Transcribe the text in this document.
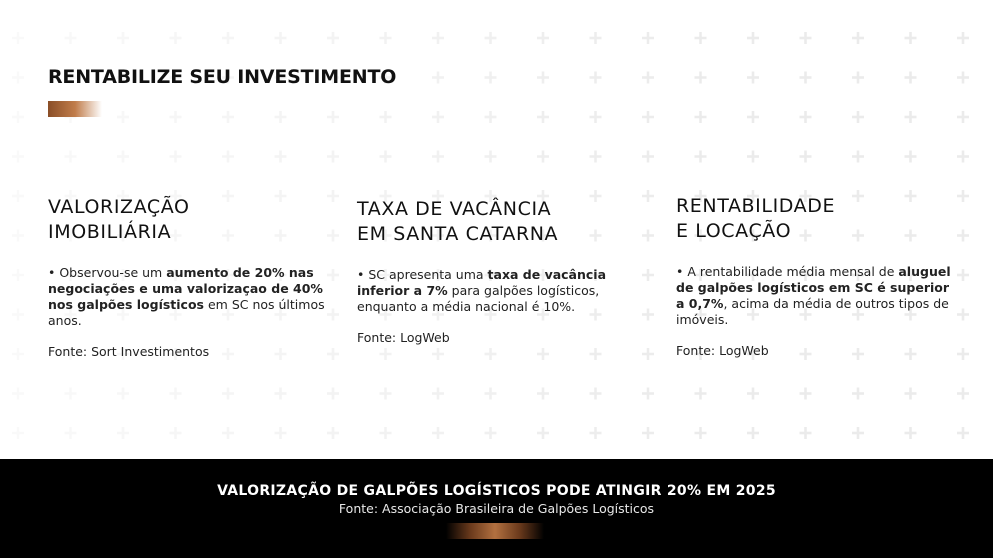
RENTABILIZE SEU INVESTIMENTO
VALORIZAÇÃO
IMOBILIÁRIA

• Observou-se um aumento de 20% nas negociações e uma valorizaçao de 40% nos galpões logísticos em SC nos últimos anos.

Fonte: Sort Investimentos
TAXA DE VACÂNCIA
EM SANTA CATARNA

• SC apresenta uma taxa de vacância inferior a 7% para galpões logísticos, enquanto a média nacional é 10%.

Fonte: LogWeb
RENTABILIDADE
E LOCAÇÃO

• A rentabilidade média mensal de aluguel de galpões logísticos em SC é superior a 0,7%, acima da média de outros tipos de imóveis.

Fonte: LogWeb
VALORIZAÇÃO DE GALPÕES LOGÍSTICOS PODE ATINGIR 20% EM 2025
Fonte: Associação Brasileira de Galpões Logísticos
